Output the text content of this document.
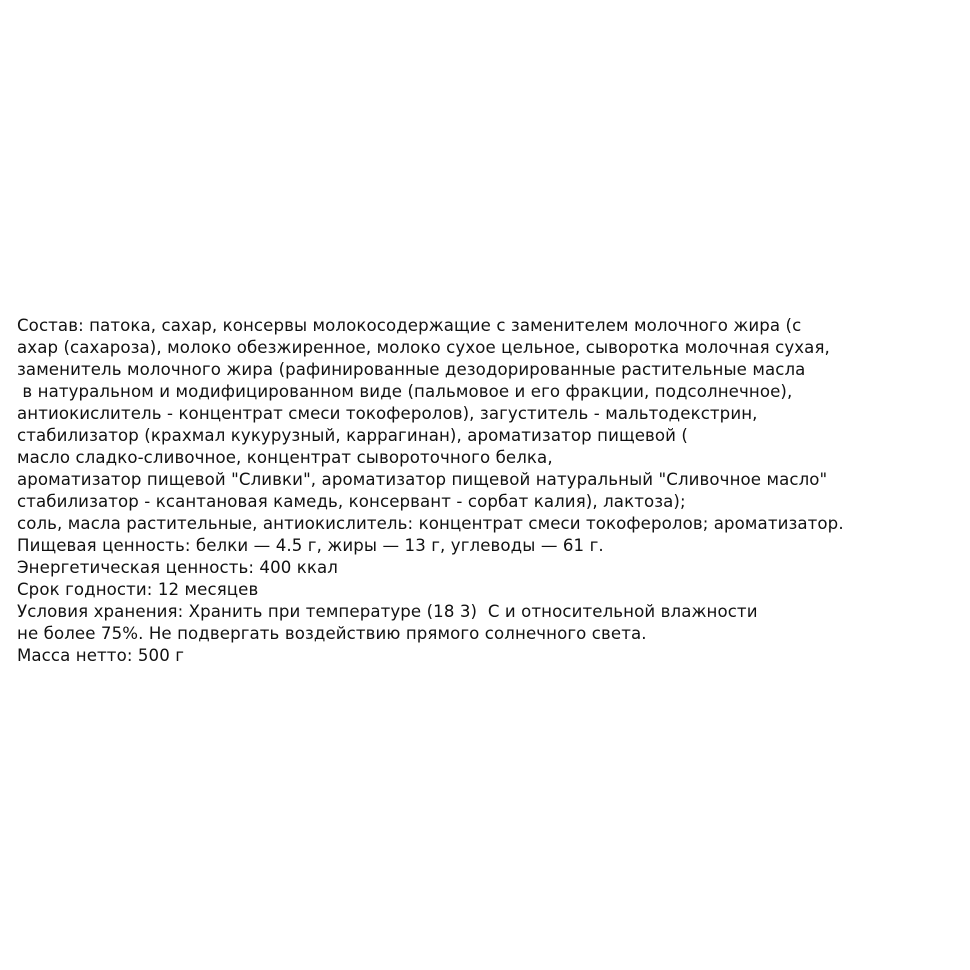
Состав: патока, сахар, консервы молокосодержащие с заменителем молочного жира (с
ахар (сахароза), молоко обезжиренное, молоко сухое цельное, сыворотка молочная сухая,
заменитель молочного жира (рафинированные дезодорированные растительные масла
в натуральном и модифицированном виде (пальмовое и его фракции, подсолнечное),
антиокислитель - концентрат смеси токоферолов), загуститель - мальтодекстрин,
стабилизатор (крахмал кукурузный, каррагинан), ароматизатор пищевой (
масло сладко-сливочное, концентрат сывороточного белка,
ароматизатор пищевой "Сливки", ароматизатор пищевой натуральный "Сливочное масло"
стабилизатор - ксантановая камедь, консервант - сорбат калия), лактоза);
соль, масла растительные, антиокислитель: концентрат смеси токоферолов; ароматизатор.
Пищевая ценность: белки — 4.5 г, жиры — 13 г, углеводы — 61 г.
Энергетическая ценность: 400 ккал
Срок годности: 12 месяцев
Условия хранения: Хранить при температуре (18 3)  С и относительной влажности
не более 75%. Не подвергать воздействию прямого солнечного света.
Масса нетто: 500 г
